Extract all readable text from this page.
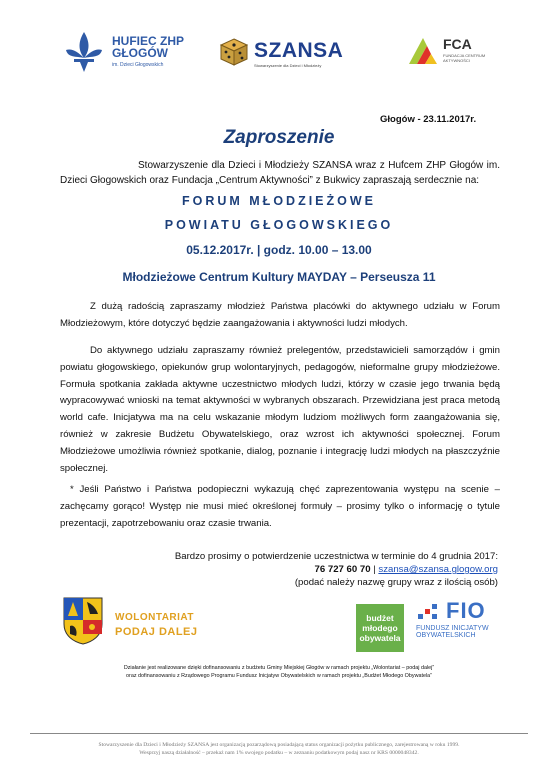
HUFIEC ZHP GŁOGÓW
im. Dzieci Głogowskich
SZANSA
Stowarzyszenie dla Dzieci i Młodzieży
FCA
FUNDACJA CENTRUM AKTYWNOŚCI
Głogów - 23.11.2017r.
Zaproszenie
Stowarzyszenie dla Dzieci i Młodzieży SZANSA wraz z Hufcem ZHP Głogów im. Dzieci Głogowskich oraz Fundacja „Centrum Aktywności” z Bukwicy zapraszają serdecznie na:
FORUM MŁODZIEŻOWE
POWIATU GŁOGOWSKIEGO
05.12.2017r. | godz. 10.00 – 13.00
Młodzieżowe Centrum Kultury MAYDAY – Perseusza 11
Z dużą radością zapraszamy młodzież Państwa placówki do aktywnego udziału w Forum Młodzieżowym, które dotyczyć będzie zaangażowania i aktywności ludzi młodych.
Do aktywnego udziału zapraszamy również prelegentów, przedstawicieli samorządów i gmin powiatu głogowskiego, opiekunów grup wolontaryjnych, pedagogów, nieformalne grupy młodzieżowe. Formuła spotkania zakłada aktywne uczestnictwo młodych ludzi, którzy w czasie jego trwania będą wypracowywać wnioski na temat aktywności w wybranych obszarach. Przewidziana jest praca metodą world cafe. Inicjatywa ma na celu wskazanie młodym ludziom możliwych form zaangażowania się, również w zakresie Budżetu Obywatelskiego, oraz wzrost ich aktywności społecznej. Forum Młodzieżowe umożliwia również spotkanie, dialog, poznanie i integrację ludzi młodych na płaszczyźnie społecznej.
* Jeśli Państwo i Państwa podopieczni wykazują chęć zaprezentowania występu na scenie – zachęcamy gorąco! Występ nie musi mieć określonej formuły – prosimy tylko o informację o tytule prezentacji, zapotrzebowaniu oraz czasie trwania.
Bardzo prosimy o potwierdzenie uczestnictwa w terminie do 4 grudnia 2017:
76 727 60 70 | szansa@szansa.glogow.org
(podać należy nazwę grupy wraz z ilością osób)
WOLONTARIAT
PODAJ DALEJ
budżet młodego obywatela
FIO
FUNDUSZ INICJATYW OBYWATELSKICH
Działanie jest realizowane dzięki dofinansowaniu z budżetu Gminy Miejskiej Głogów w ramach projektu „Wolontariat – podaj dalej”
oraz dofinansowaniu z Rządowego Programu Fundusz Inicjatyw Obywatelskich w ramach projektu „Budżet Młodego Obywatela”
Stowarzyszenie dla Dzieci i Młodzieży SZANSA jest organizacją pozarządową posiadającą status organizacji pożytku publicznego, zarejestrowaną w roku 1999.
Wesprzyj naszą działalność – przekaż nam 1% swojego podatku – w zeznaniu podatkowym podaj nasz nr KRS 0000048342.
